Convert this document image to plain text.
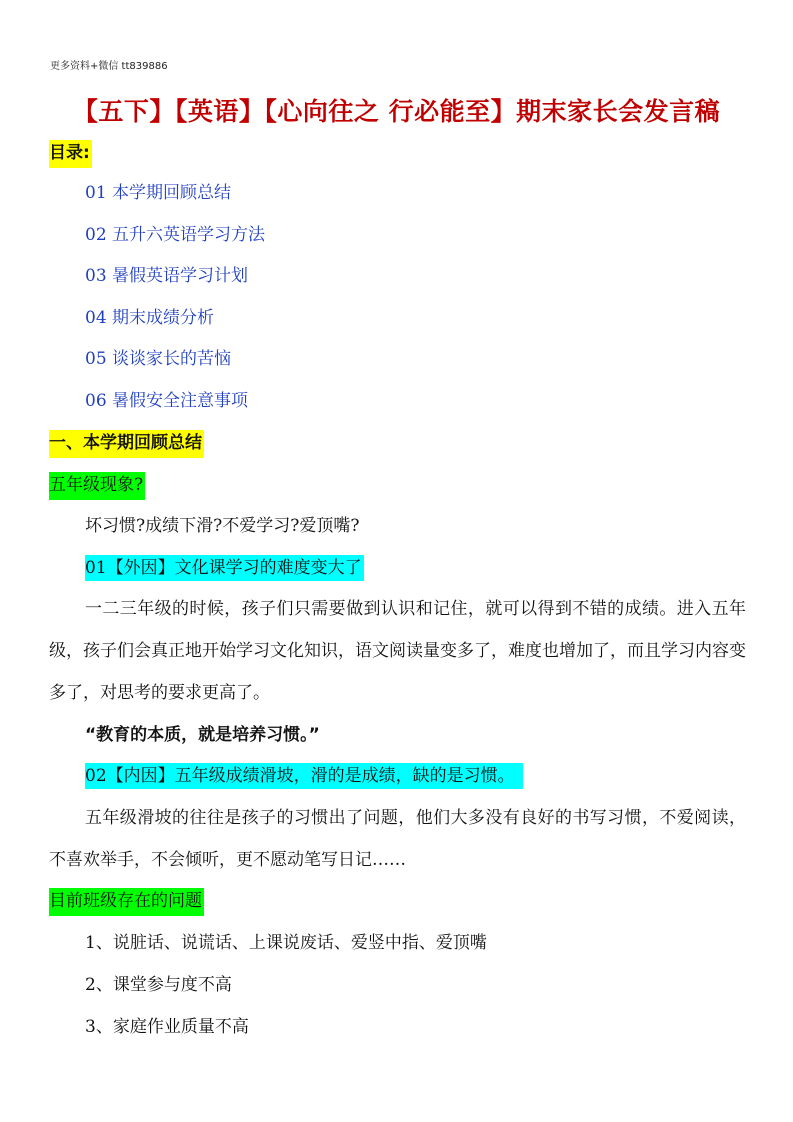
更多资料+微信 tt839886
【五下】【英语】【心向往之 行必能至】期末家长会发言稿
目录:
01 本学期回顾总结
02 五升六英语学习方法
03 暑假英语学习计划
04 期末成绩分析
05 谈谈家长的苦恼
06 暑假安全注意事项
一、本学期回顾总结
五年级现象?
坏习惯?成绩下滑?不爱学习?爱顶嘴?
01【外因】文化课学习的难度变大了
一二三年级的时候，孩子们只需要做到认识和记住，就可以得到不错的成绩。进入五年级，孩子们会真正地开始学习文化知识，语文阅读量变多了，难度也增加了，而且学习内容变多了，对思考的要求更高了。
“教育的本质，就是培养习惯。”
02【内因】五年级成绩滑坡，滑的是成绩，缺的是习惯。
五年级滑坡的往往是孩子的习惯出了问题，他们大多没有良好的书写习惯，不爱阅读，不喜欢举手，不会倾听，更不愿动笔写日记……
目前班级存在的问题
1、说脏话、说谎话、上课说废话、爱竖中指、爱顶嘴
2、课堂参与度不高
3、家庭作业质量不高
